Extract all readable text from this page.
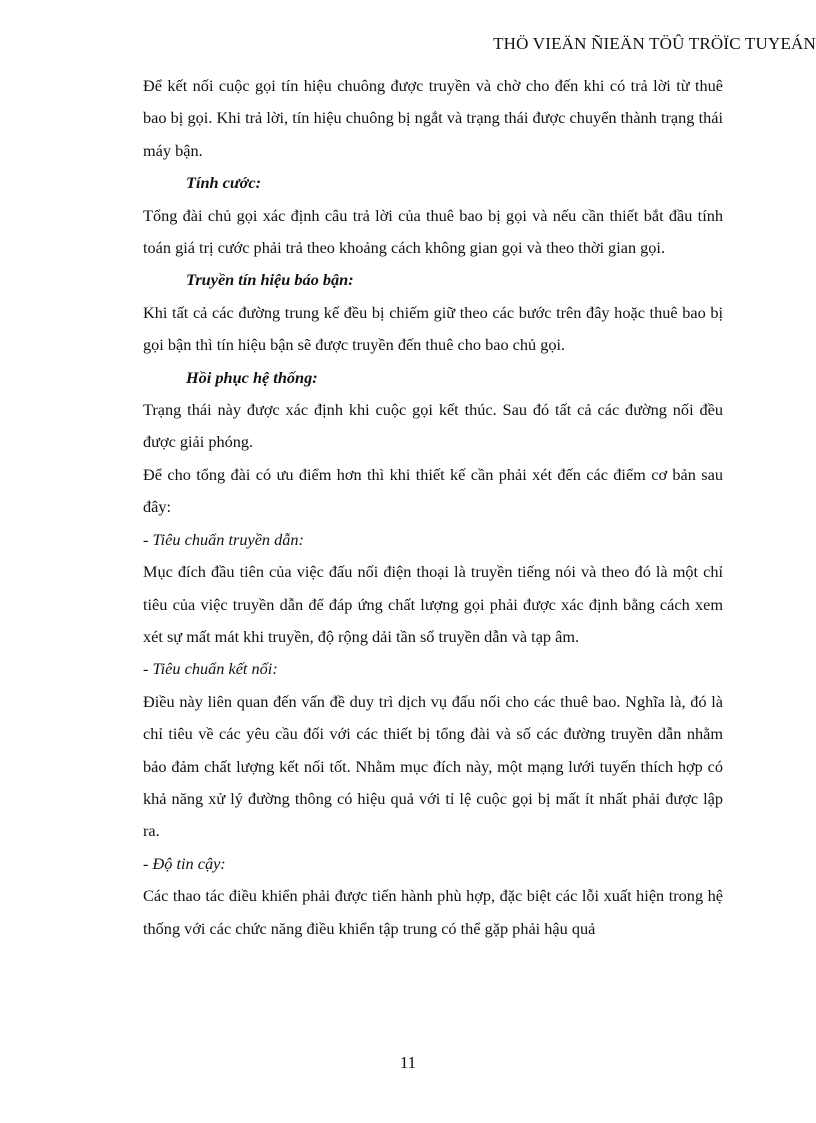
THÖ VIEÄN ÑIEÄN TÖÛ TRÖÏC TUYEÁN

Để kết nối cuộc gọi tín hiệu chuông được truyền và chờ cho đến khi có trả lời từ thuê bao bị gọi. Khi trả lời, tín hiệu chuông bị ngắt và trạng thái được chuyển thành trạng thái máy bận.

Tính cước:

Tổng đài chủ gọi xác định câu trả lời của thuê bao bị gọi và nếu cần thiết bắt đầu tính toán giá trị cước phải trả theo khoảng cách không gian gọi và theo thời gian gọi.

Truyền tín hiệu báo bận:

Khi tất cả các đường trung kế đều bị chiếm giữ theo các bước trên đây hoặc thuê bao bị gọi bận thì tín hiệu bận sẽ được truyền đến thuê cho bao chủ gọi.

Hồi phục hệ thống:

Trạng thái này được xác định khi cuộc gọi kết thúc. Sau đó tất cả các đường nối đều được giải phóng.

Để cho tổng đài có ưu điểm hơn thì khi thiết kế cần phải xét đến các điểm cơ bản sau đây:

- Tiêu chuẩn truyền dẫn:

Mục đích đầu tiên của việc đấu nối điện thoại là truyền tiếng nói và theo đó là một chỉ tiêu của việc truyền dẫn để đáp ứng chất lượng gọi phải được xác định bằng cách xem xét sự mất mát khi truyền, độ rộng dải tần số truyền dẫn và tạp âm.

- Tiêu chuẩn kết nối:

Điều này liên quan đến vấn đề duy trì dịch vụ đấu nối cho các thuê bao. Nghĩa là, đó là chỉ tiêu về các yêu cầu đối với các thiết bị tổng đài và số các đường truyền dẫn nhằm bảo đảm chất lượng kết nối tốt. Nhằm mục đích này, một mạng lưới tuyến thích hợp có khả năng xử lý đường thông có hiệu quả với tỉ lệ cuộc gọi bị mất ít nhất phải được lập ra.

- Độ tin cậy:

Các thao tác điều khiển phải được tiến hành phù hợp, đặc biệt các lỗi xuất hiện trong hệ thống với các chức năng điều khiển tập trung có thể gặp phải hậu quả

11
